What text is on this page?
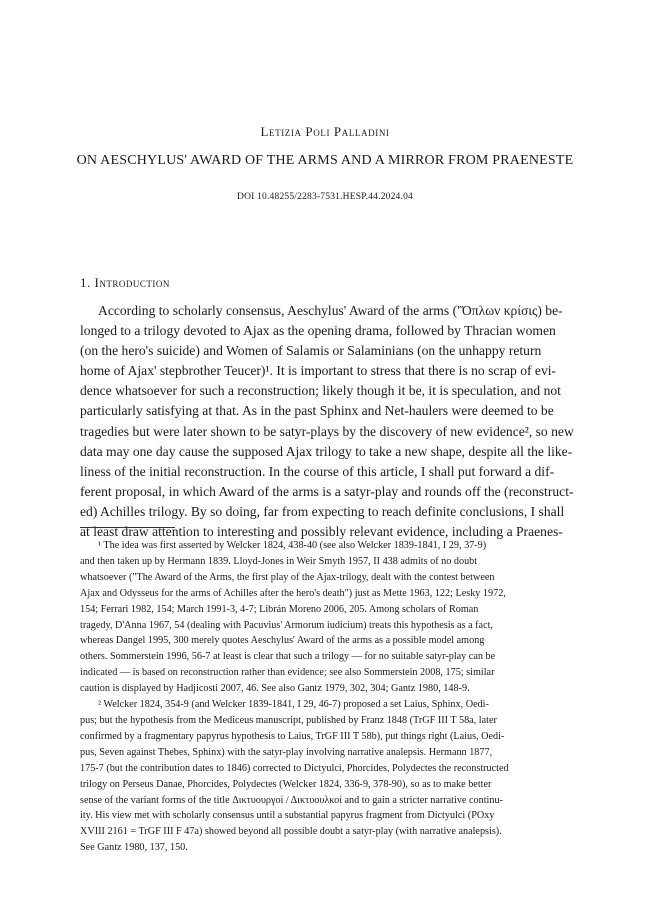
Letizia Poli Palladini
ON AESCHYLUS' AWARD OF THE ARMS AND A MIRROR FROM PRAENESTE
DOI 10.48255/2283-7531.HESP.44.2024.04
1. Introduction
According to scholarly consensus, Aeschylus' Award of the arms ('Ὅπλων κρίσις) be-
longed to a trilogy devoted to Ajax as the opening drama, followed by Thracian women
(on the hero's suicide) and Women of Salamis or Salaminians (on the unhappy return
home of Ajax' stepbrother Teucer)¹. It is important to stress that there is no scrap of evi-
dence whatsoever for such a reconstruction; likely though it be, it is speculation, and not
particularly satisfying at that. As in the past Sphinx and Net-haulers were deemed to be
tragedies but were later shown to be satyr-plays by the discovery of new evidence², so new
data may one day cause the supposed Ajax trilogy to take a new shape, despite all the like-
liness of the initial reconstruction. In the course of this article, I shall put forward a dif-
ferent proposal, in which Award of the arms is a satyr-play and rounds off the (reconstruct-
ed) Achilles trilogy. By so doing, far from expecting to reach definite conclusions, I shall
at least draw attention to interesting and possibly relevant evidence, including a Praenes-
¹ The idea was first asserted by Welcker 1824, 438-40 (see also Welcker 1839-1841, I 29, 37-9)
and then taken up by Hermann 1839. Lloyd-Jones in Weir Smyth 1957, II 438 admits of no doubt
whatsoever ("The Award of the Arms, the first play of the Ajax-trilogy, dealt with the contest between
Ajax and Odysseus for the arms of Achilles after the hero's death") just as Mette 1963, 122; Lesky 1972,
154; Ferrari 1982, 154; March 1991-3, 4-7; Librán Moreno 2006, 205. Among scholars of Roman
tragedy, D'Anna 1967, 54 (dealing with Pacuvius' Armorum iudicium) treats this hypothesis as a fact,
whereas Dangel 1995, 300 merely quotes Aeschylus' Award of the arms as a possible model among
others. Sommerstein 1996, 56-7 at least is clear that such a trilogy — for no suitable satyr-play can be
indicated — is based on reconstruction rather than evidence; see also Sommerstein 2008, 175; similar
caution is displayed by Hadjicosti 2007, 46. See also Gantz 1979, 302, 304; Gantz 1980, 148-9.
² Welcker 1824, 354-9 (and Welcker 1839-1841, I 29, 46-7) proposed a set Laius, Sphinx, Oedi-
pus; but the hypothesis from the Mediceus manuscript, published by Franz 1848 (TrGF III T 58a, later
confirmed by a fragmentary papyrus hypothesis to Laius, TrGF III T 58b), put things right (Laius, Oedi-
pus, Seven against Thebes, Sphinx) with the satyr-play involving narrative analepsis. Hermann 1877,
175-7 (but the contribution dates to 1846) corrected to Dictyulci, Phorcides, Polydectes the reconstructed
trilogy on Perseus Danae, Phorcides, Polydectes (Welcker 1824, 336-9, 378-90), so as to make better
sense of the variant forms of the title Δικτυουργοί / Δικτυουλκοί and to gain a stricter narrative continu-
ity. His view met with scholarly consensus until a substantial papyrus fragment from Dictyulci (POxy
XVIII 2161 = TrGF III F 47a) showed beyond all possible doubt a satyr-play (with narrative analepsis).
See Gantz 1980, 137, 150.
